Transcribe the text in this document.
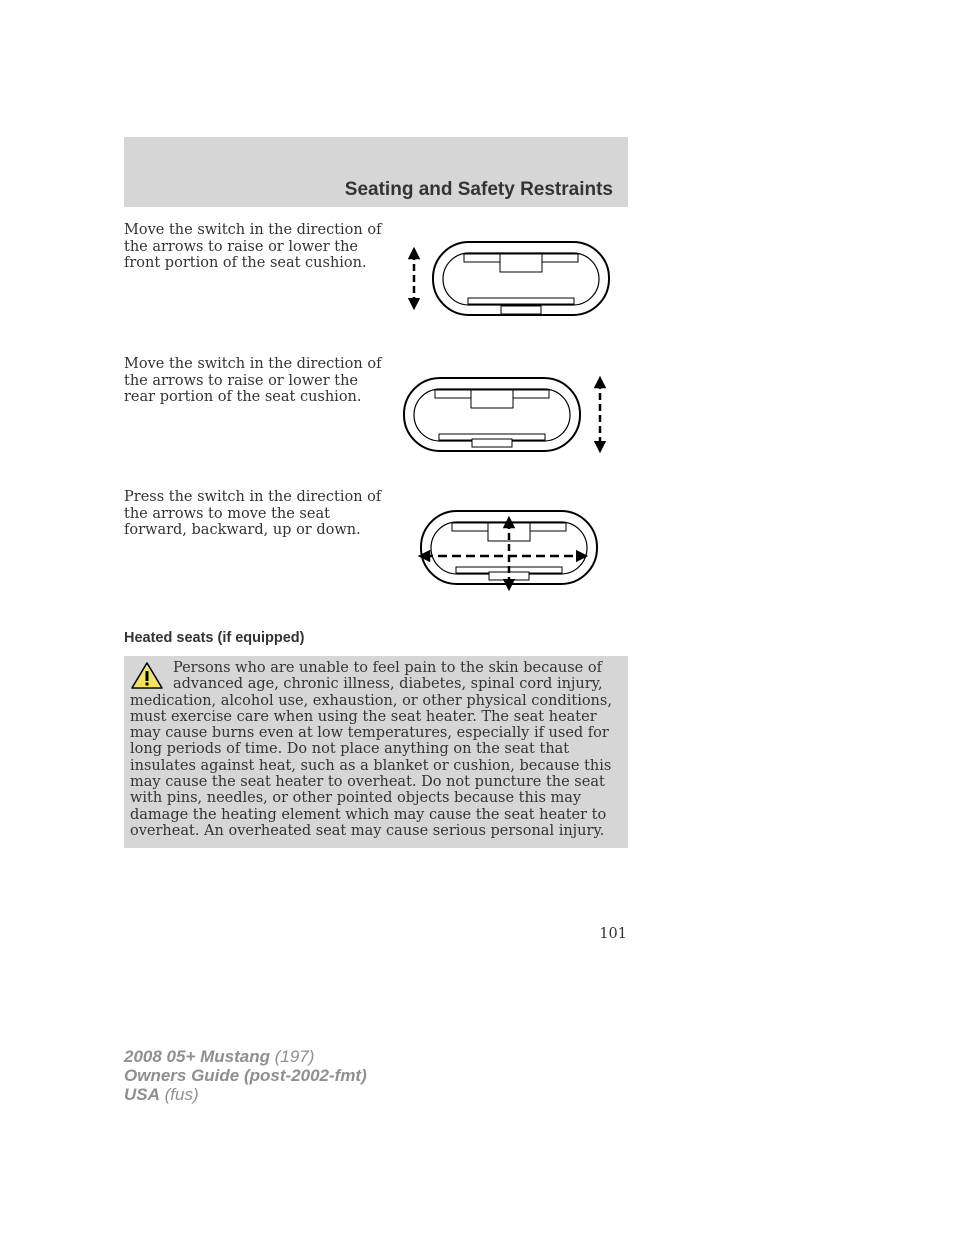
Seating and Safety Restraints
Move the switch in the direction of the arrows to raise or lower the front portion of the seat cushion.
Move the switch in the direction of the arrows to raise or lower the rear portion of the seat cushion.
Press the switch in the direction of the arrows to move the seat forward, backward, up or down.
Heated seats (if equipped)
Persons who are unable to feel pain to the skin because of advanced age, chronic illness, diabetes, spinal cord injury, medication, alcohol use, exhaustion, or other physical conditions, must exercise care when using the seat heater. The seat heater may cause burns even at low temperatures, especially if used for long periods of time. Do not place anything on the seat that insulates against heat, such as a blanket or cushion, because this may cause the seat heater to overheat. Do not puncture the seat with pins, needles, or other pointed objects because this may damage the heating element which may cause the seat heater to overheat. An overheated seat may cause serious personal injury.
101
2008 05+ Mustang (197)
Owners Guide (post-2002-fmt)
USA (fus)
